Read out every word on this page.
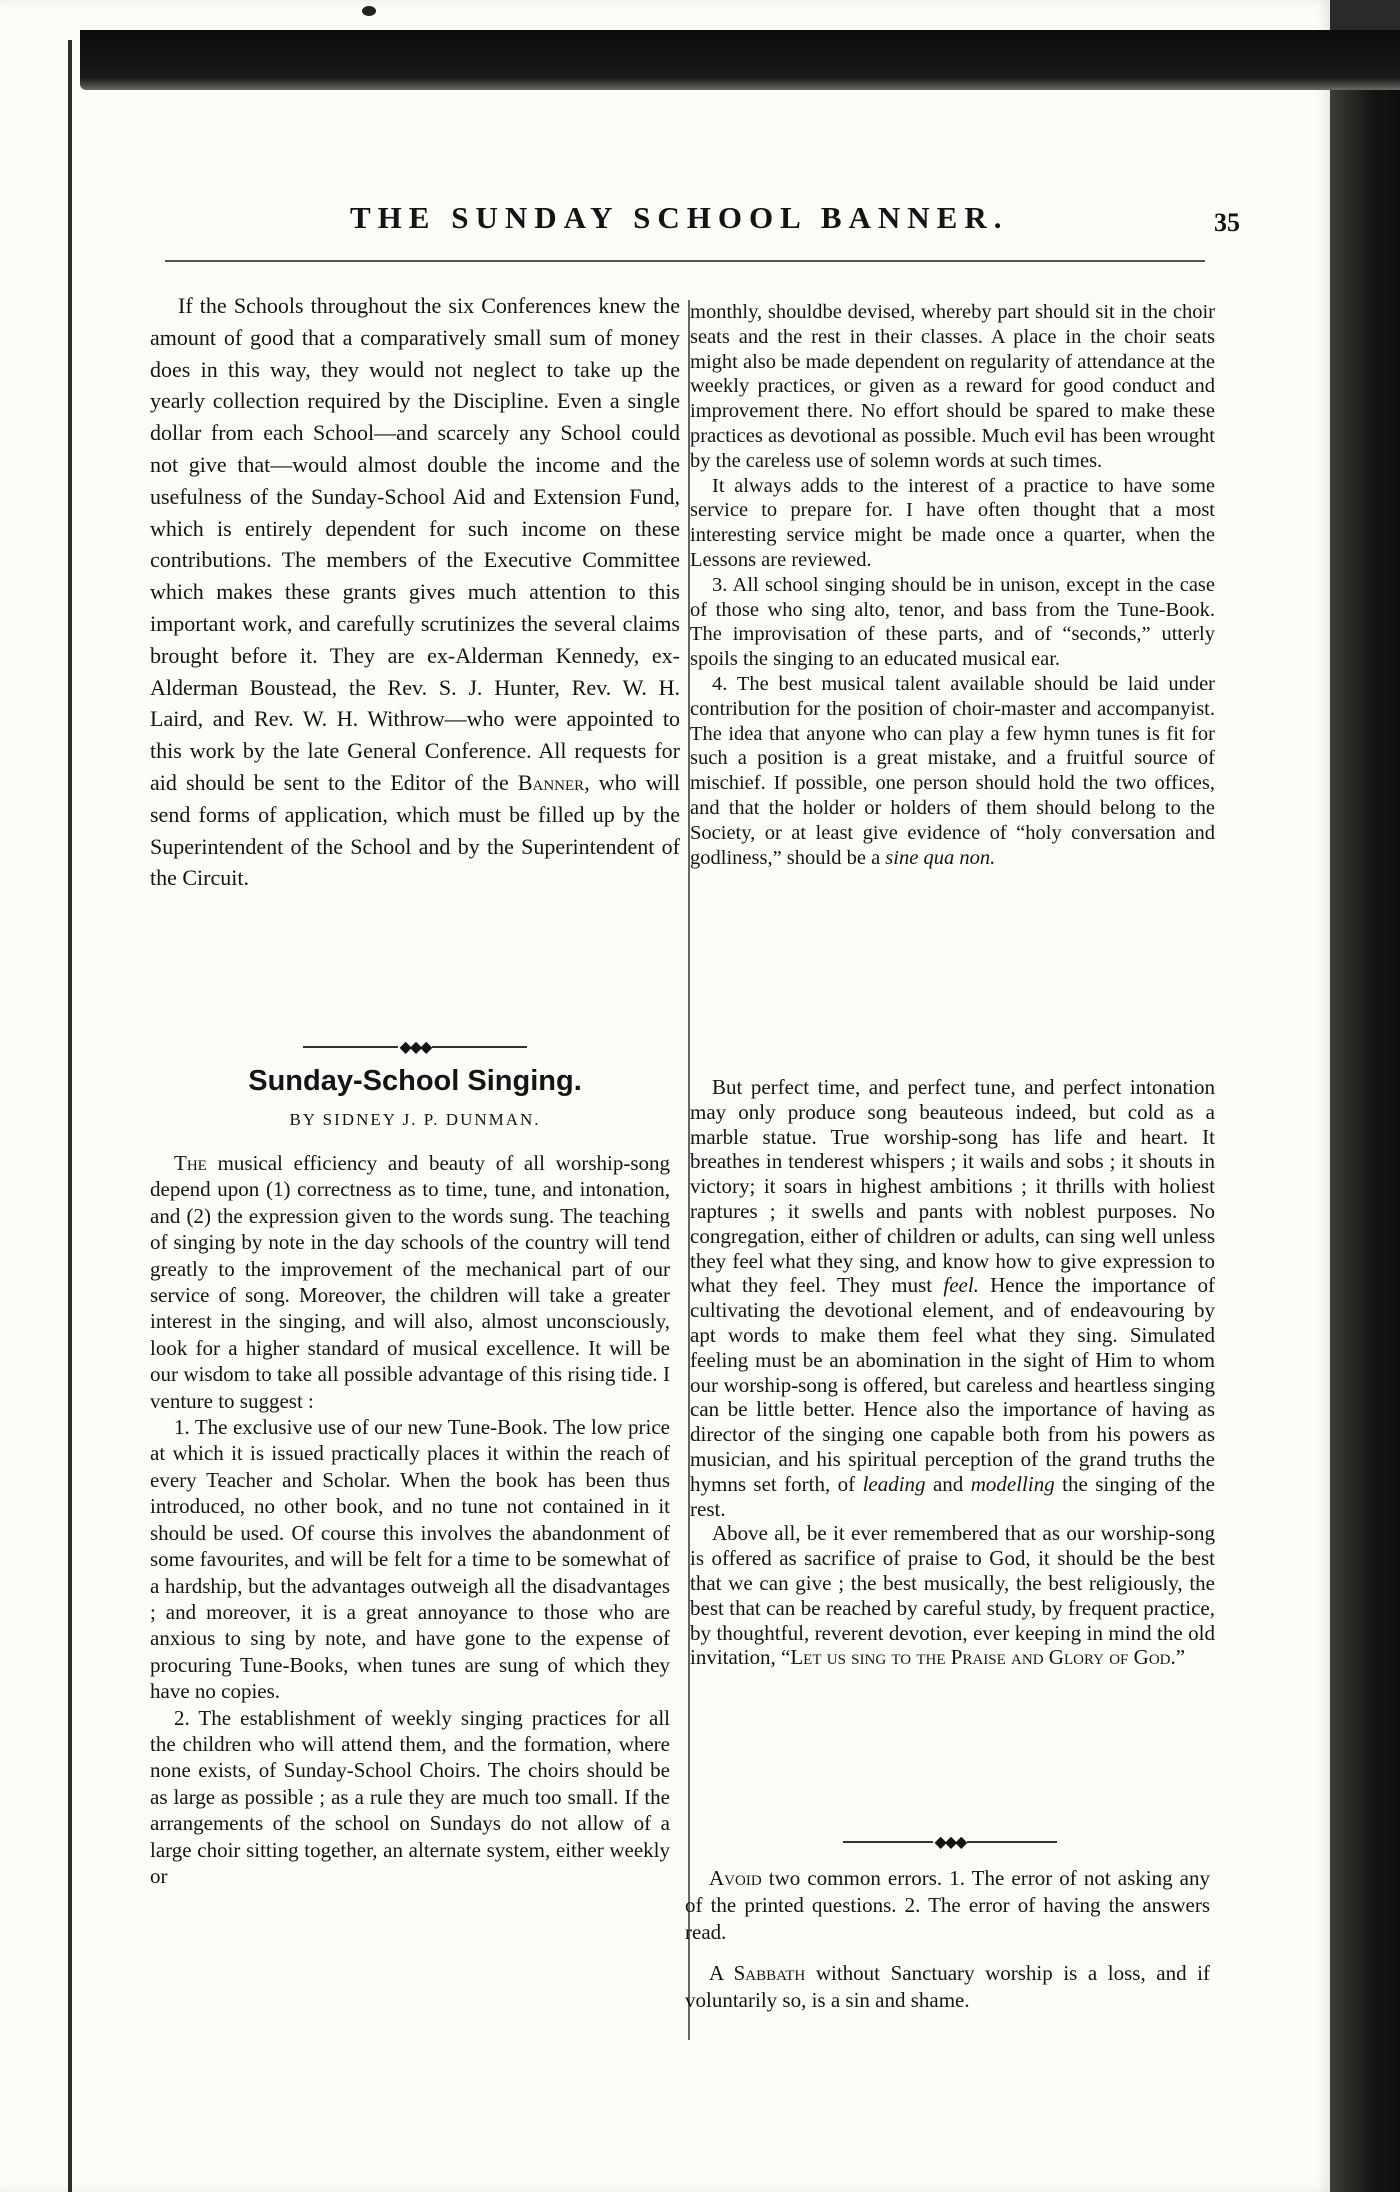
THE SUNDAY SCHOOL BANNER.	35

If the Schools throughout the six Conferences knew the amount of good that a comparatively small sum of money does in this way, they would not neglect to take up the yearly collection required by the Discipline. Even a single dollar from each School—and scarcely any School could not give that—would almost double the income and the usefulness of the Sunday-School Aid and Extension Fund, which is entirely dependent for such income on these contributions. The members of the Executive Committee which makes these grants gives much attention to this important work, and carefully scrutinizes the several claims brought before it. They are ex-Alderman Kennedy, ex-Alderman Boustead, the Rev. S. J. Hunter, Rev. W. H. Laird, and Rev. W. H. Withrow—who were appointed to this work by the late General Conference. All requests for aid should be sent to the Editor of the Banner, who will send forms of application, which must be filled up by the Superintendent of the School and by the Superintendent of the Circuit.

◆◆◆
Sunday-School Singing.
BY SIDNEY J. P. DUNMAN.

The musical efficiency and beauty of all worship-song depend upon (1) correctness as to time, tune, and intonation, and (2) the expression given to the words sung. The teaching of singing by note in the day schools of the country will tend greatly to the improvement of the mechanical part of our service of song. Moreover, the children will take a greater interest in the singing, and will also, almost unconsciously, look for a higher standard of musical excellence. It will be our wisdom to take all possible advantage of this rising tide. I venture to suggest :

1. The exclusive use of our new Tune-Book. The low price at which it is issued practically places it within the reach of every Teacher and Scholar. When the book has been thus introduced, no other book, and no tune not contained in it should be used. Of course this involves the abandonment of some favourites, and will be felt for a time to be somewhat of a hardship, but the advantages outweigh all the disadvantages ; and moreover, it is a great annoyance to those who are anxious to sing by note, and have gone to the expense of procuring Tune-Books, when tunes are sung of which they have no copies.

2. The establishment of weekly singing practices for all the children who will attend them, and the formation, where none exists, of Sunday-School Choirs. The choirs should be as large as possible ; as a rule they are much too small. If the arrangements of the school on Sundays do not allow of a large choir sitting together, an alternate system, either weekly or

monthly, shouldbe devised, whereby part should sit in the choir seats and the rest in their classes. A place in the choir seats might also be made dependent on regularity of attendance at the weekly practices, or given as a reward for good conduct and improvement there. No effort should be spared to make these practices as devotional as possible. Much evil has been wrought by the careless use of solemn words at such times.

It always adds to the interest of a practice to have some service to prepare for. I have often thought that a most interesting service might be made once a quarter, when the Lessons are reviewed.

3. All school singing should be in unison, except in the case of those who sing alto, tenor, and bass from the Tune-Book. The improvisation of these parts, and of “seconds,” utterly spoils the singing to an educated musical ear.

4. The best musical talent available should be laid under contribution for the position of choir-master and accompanyist. The idea that anyone who can play a few hymn tunes is fit for such a position is a great mistake, and a fruitful source of mischief. If possible, one person should hold the two offices, and that the holder or holders of them should belong to the Society, or at least give evidence of “holy conversation and godliness,” should be a sine qua non.

But perfect time, and perfect tune, and perfect intonation may only produce song beauteous indeed, but cold as a marble statue. True worship-song has life and heart. It breathes in tenderest whispers ; it wails and sobs ; it shouts in victory; it soars in highest ambitions ; it thrills with holiest raptures ; it swells and pants with noblest purposes. No congregation, either of children or adults, can sing well unless they feel what they sing, and know how to give expression to what they feel. They must feel. Hence the importance of cultivating the devotional element, and of endeavouring by apt words to make them feel what they sing. Simulated feeling must be an abomination in the sight of Him to whom our worship-song is offered, but careless and heartless singing can be little better. Hence also the importance of having as director of the singing one capable both from his powers as musician, and his spiritual perception of the grand truths the hymns set forth, of leading and modelling the singing of the rest.

Above all, be it ever remembered that as our worship-song is offered as sacrifice of praise to God, it should be the best that we can give ; the best musically, the best religiously, the best that can be reached by careful study, by frequent practice, by thoughtful, reverent devotion, ever keeping in mind the old invitation, “Let us sing to the Praise and Glory of God.”

◆◆◆

Avoid two common errors. 1. The error of not asking any of the printed questions. 2. The error of having the answers read.

A Sabbath without Sanctuary worship is a loss, and if voluntarily so, is a sin and shame.
